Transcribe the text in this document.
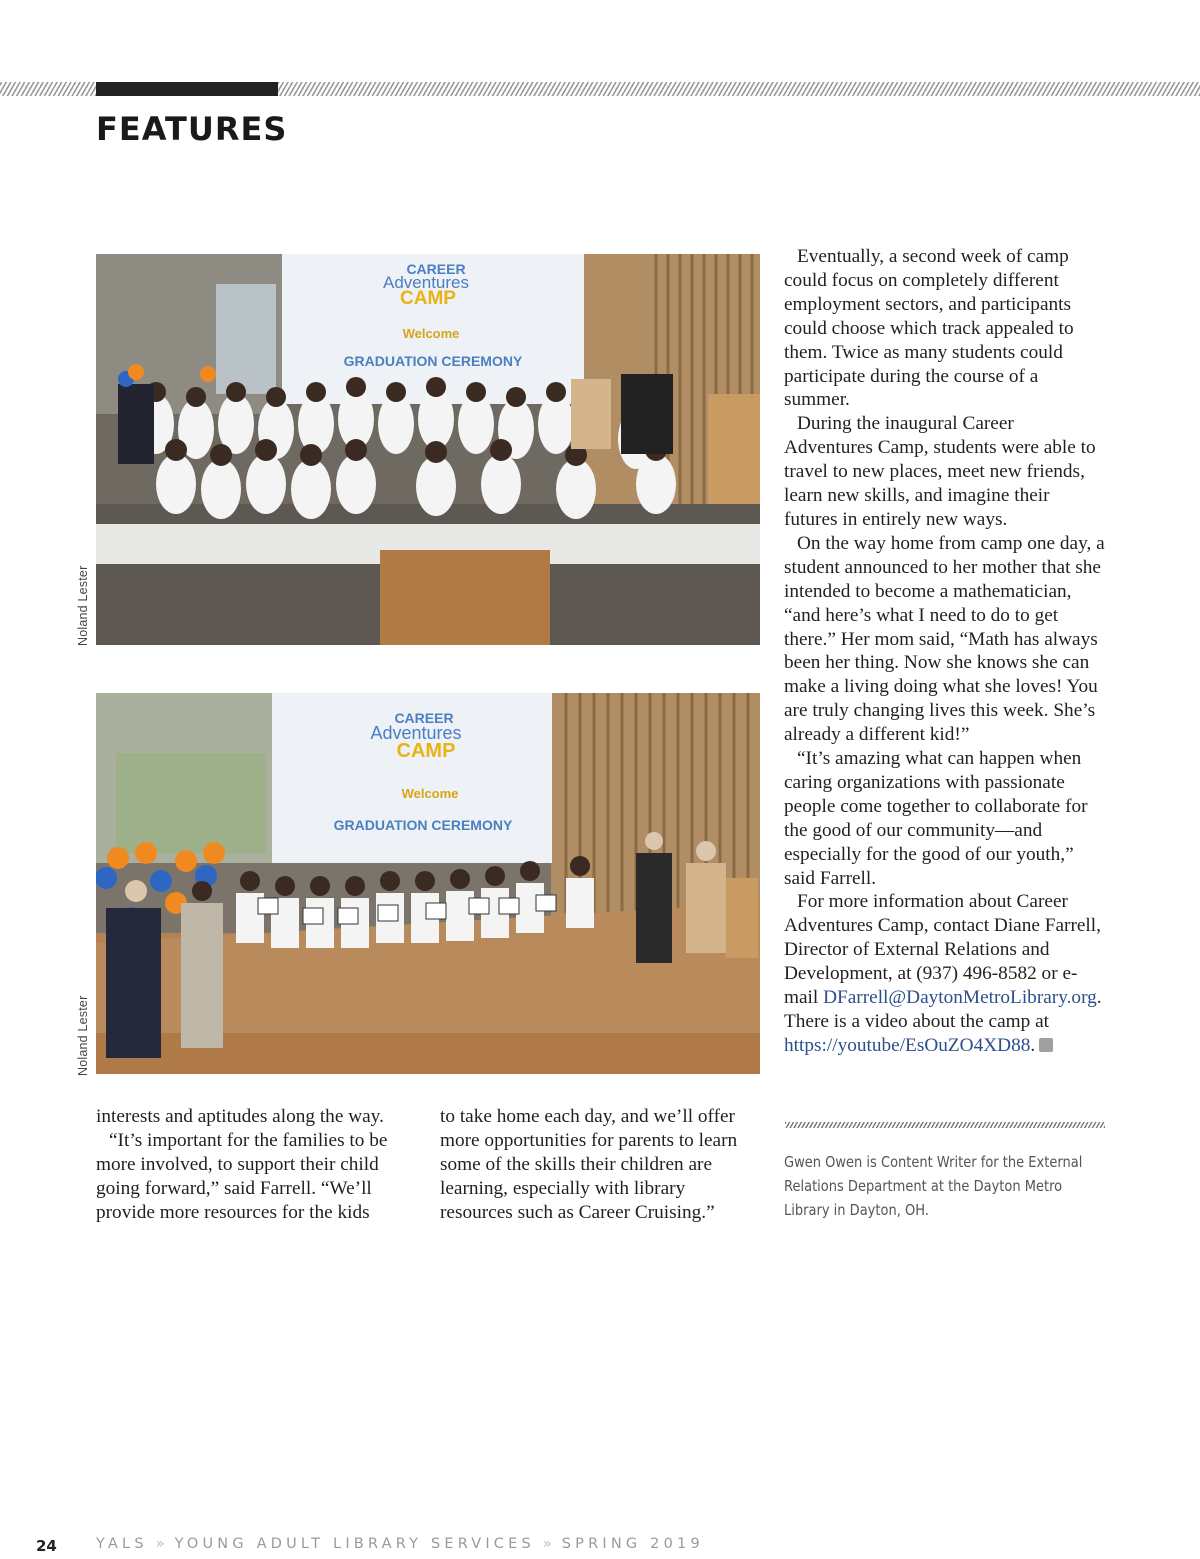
FEATURES
CAREER
Adventures
CAMP
Welcome
GRADUATION CEREMONY
Noland Lester
CAREER
Adventures
CAMP
Welcome
GRADUATION CEREMONY
Noland Lester

Eventually, a second week of camp could focus on completely different employment sectors, and participants could choose which track appealed to them. Twice as many students could participate during the course of a summer.

During the inaugural Career Adventures Camp, students were able to travel to new places, meet new friends, learn new skills, and imagine their futures in entirely new ways.

On the way home from camp one day, a student announced to her mother that she intended to become a mathematician, “and here’s what I need to do to get there.” Her mom said, “Math has always been her thing. Now she knows she can make a living doing what she loves! You are truly changing lives this week. She’s already a different kid!”

“It’s amazing what can happen when caring organizations with passionate people come together to collaborate for the good of our community—and especially for the good of our youth,” said Farrell.

For more information about Career Adventures Camp, contact Diane Farrell, Director of External Relations and Development, at (937) 496-8582 or e-mail DFarrell@DaytonMetroLibrary.org. There is a video about the camp at https://youtube/EsOuZO4XD88.

interests and aptitudes along the way.

“It’s important for the families to be more involved, to support their child going forward,” said Farrell. “We’ll provide more resources for the kids

to take home each day, and we’ll offer more opportunities for parents to learn some of the skills their children are learning, especially with library resources such as Career Cruising.”

Gwen Owen is Content Writer for the External Relations Department at the Dayton Metro Library in Dayton, OH.
24	YALS » YOUNG ADULT LIBRARY SERVICES » SPRING 2019
